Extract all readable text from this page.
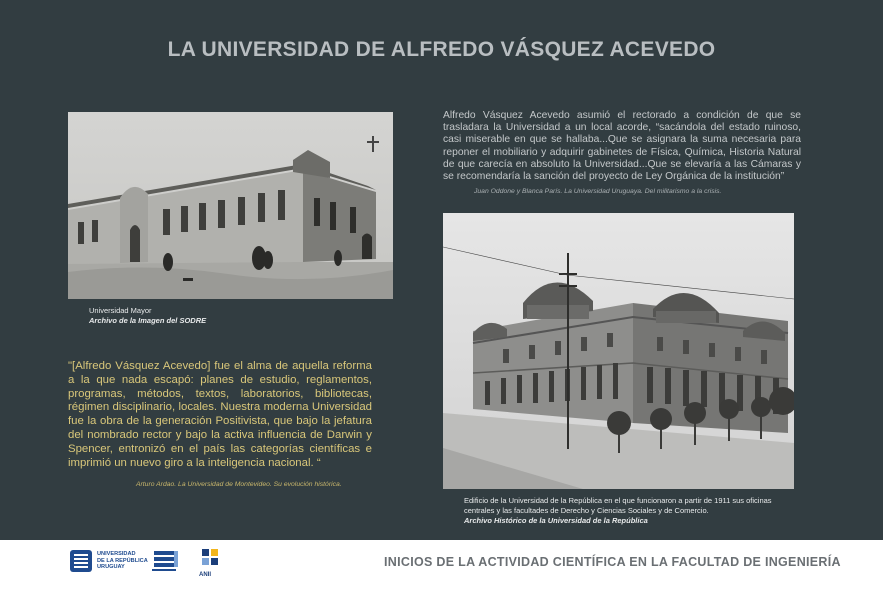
LA UNIVERSIDAD DE ALFREDO VÁSQUEZ ACEVEDO
Universidad Mayor
Archivo de la Imagen del SODRE
Alfredo Vásquez Acevedo asumió el rectorado a condición de que se trasladara la Universidad a un local acorde, “sacándola del estado ruinoso, casi miserable en que se hallaba...Que se asignara la suma necesaria para reponer el mobiliario y adquirir gabinetes de Física, Química, Historia Natural de que carecía en absoluto la Universidad...Que se elevaría a las Cámaras y se recomendaría la sanción del proyecto de Ley Orgánica de la institución”
Juan Oddone y Blanca París. La Universidad Uruguaya. Del militarismo a la crisis.
Edificio de la Universidad de la República en el que funcionaron a partir de 1911 sus oficinas centrales y las facultades de Derecho y Ciencias Sociales y de Comercio.
Archivo Histórico de la Universidad de la República
"[Alfredo Vásquez Acevedo] fue el alma de aquella reforma a la que nada escapó: planes de estudio, reglamentos, programas, métodos, textos, laboratorios, bibliotecas, régimen disciplinario, locales. Nuestra moderna Universidad fue la obra de la generación Positivista, que bajo la jefatura del nombrado rector y bajo la activa influencia de Darwin y Spencer, entronizó en el país las categorías científicas e imprimió un nuevo giro a la inteligencia nacional. “
Arturo Ardao. La Universidad de Montevideo. Su evolución histórica.
UNIVERSIDAD
DE LA REPÚBLICA
URUGUAY
ANII
INICIOS DE LA ACTIVIDAD CIENTÍFICA EN LA FACULTAD DE INGENIERÍA
